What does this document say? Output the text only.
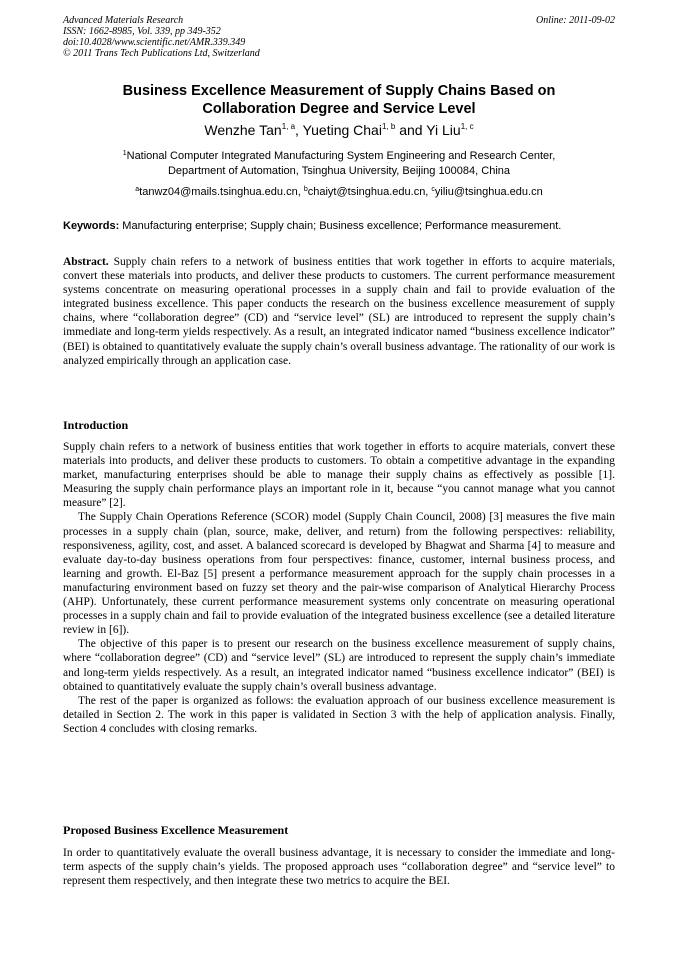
Advanced Materials Research
ISSN: 1662-8985, Vol. 339, pp 349-352
doi:10.4028/www.scientific.net/AMR.339.349
© 2011 Trans Tech Publications Ltd, Switzerland
Online: 2011-09-02
Business Excellence Measurement of Supply Chains Based on
Collaboration Degree and Service Level
Wenzhe Tan$^{1, a}$, Yueting Chai$^{1, b}$ and Yi Liu$^{1, c}$
$^1$National Computer Integrated Manufacturing System Engineering and Research Center,
Department of Automation, Tsinghua University, Beijing 100084, China
$^a$tanwz04@mails.tsinghua.edu.cn, $^b$chaiyt@tsinghua.edu.cn, $^c$yiliu@tsinghua.edu.cn
Keywords: Manufacturing enterprise; Supply chain; Business excellence; Performance measurement.
Abstract. Supply chain refers to a network of business entities that work together in efforts to acquire materials, convert these materials into products, and deliver these products to customers. The current performance measurement systems concentrate on measuring operational processes in a supply chain and fail to provide evaluation of the integrated business excellence. This paper conducts the research on the business excellence measurement of supply chains, where “collaboration degree” (CD) and “service level” (SL) are introduced to represent the supply chain’s immediate and long-term yields respectively. As a result, an integrated indicator named “business excellence indicator” (BEI) is obtained to quantitatively evaluate the supply chain’s overall business advantage. The rationality of our work is analyzed empirically through an application case.
Introduction

Supply chain refers to a network of business entities that work together in efforts to acquire materials, convert these materials into products, and deliver these products to customers. To obtain a competitive advantage in the expanding market, manufacturing enterprises should be able to manage their supply chains as effectively as possible [1]. Measuring the supply chain performance plays an important role in it, because “you cannot manage what you cannot measure” [2].

The Supply Chain Operations Reference (SCOR) model (Supply Chain Council, 2008) [3] measures the five main processes in a supply chain (plan, source, make, deliver, and return) from the following perspectives: reliability, responsiveness, agility, cost, and asset. A balanced scorecard is developed by Bhagwat and Sharma [4] to measure and evaluate day-to-day business operations from four perspectives: finance, customer, internal business process, and learning and growth. El-Baz [5] present a performance measurement approach for the supply chain processes in a manufacturing environment based on fuzzy set theory and the pair-wise comparison of Analytical Hierarchy Process (AHP). Unfortunately, these current performance measurement systems only concentrate on measuring operational processes in a supply chain and fail to provide evaluation of the integrated business excellence (see a detailed literature review in [6]).

The objective of this paper is to present our research on the business excellence measurement of supply chains, where “collaboration degree” (CD) and “service level” (SL) are introduced to represent the supply chain’s immediate and long-term yields respectively. As a result, an integrated indicator named “business excellence indicator” (BEI) is obtained to quantitatively evaluate the supply chain’s overall business advantage.

The rest of the paper is organized as follows: the evaluation approach of our business excellence measurement is detailed in Section 2. The work in this paper is validated in Section 3 with the help of application analysis. Finally, Section 4 concludes with closing remarks.

Proposed Business Excellence Measurement

In order to quantitatively evaluate the overall business advantage, it is necessary to consider the immediate and long-term aspects of the supply chain’s yields. The proposed approach uses “collaboration degree” and “service level” to represent them respectively, and then integrate these two metrics to acquire the BEI.
